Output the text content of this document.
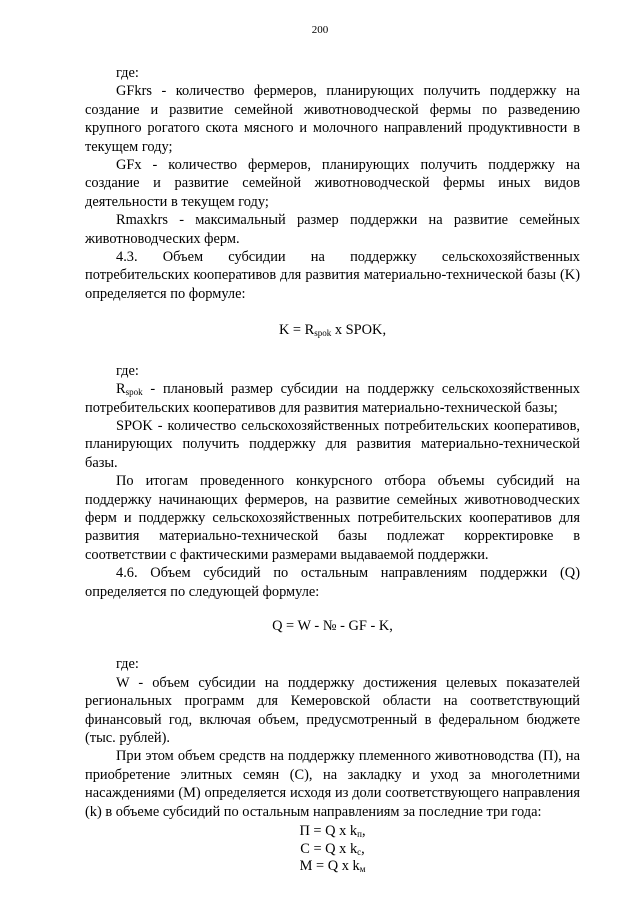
200

где:

GFkrs - количество фермеров, планирующих получить поддержку на создание и развитие семейной животноводческой фермы по разведению крупного рогатого скота мясного и молочного направлений продуктивности в текущем году;

GFx - количество фермеров, планирующих получить поддержку на создание и развитие семейной животноводческой фермы иных видов деятельности в текущем году;

Rmaxkrs - максимальный размер поддержки на развитие семейных животноводческих ферм.

4.3. Объем субсидии на поддержку сельскохозяйственных потребительских кооперативов для развития материально-технической базы (K) определяется по формуле:

$K = R_{spok}$ x SPOK,

где:

$R_{spok}$ - плановый размер субсидии на поддержку сельскохозяйственных потребительских кооперативов для развития материально-технической базы;

SPOK - количество сельскохозяйственных потребительских кооперативов, планирующих получить поддержку для развития материально-технической базы.

По итогам проведенного конкурсного отбора объемы субсидий на поддержку начинающих фермеров, на развитие семейных животноводческих ферм и поддержку сельскохозяйственных потребительских кооперативов для развития материально-технической базы подлежат корректировке в соответствии с фактическими размерами выдаваемой поддержки.

4.6. Объем субсидий по остальным направлениям поддержки (Q) определяется по следующей формуле:

Q = W - № - GF - K,

где:

W - объем субсидии на поддержку достижения целевых показателей региональных программ для Кемеровской области на соответствующий финансовый год, включая объем, предусмотренный в федеральном бюджете (тыс. рублей).

При этом объем средств на поддержку племенного животноводства (П), на приобретение элитных семян (С), на закладку и уход за многолетними насаждениями (М) определяется исходя из доли соответствующего направления (k) в объеме субсидий по остальным направлениям за последние три года:

П = Q x $k_п$,
С = Q x $k_с$,
М = Q x $k_м$
